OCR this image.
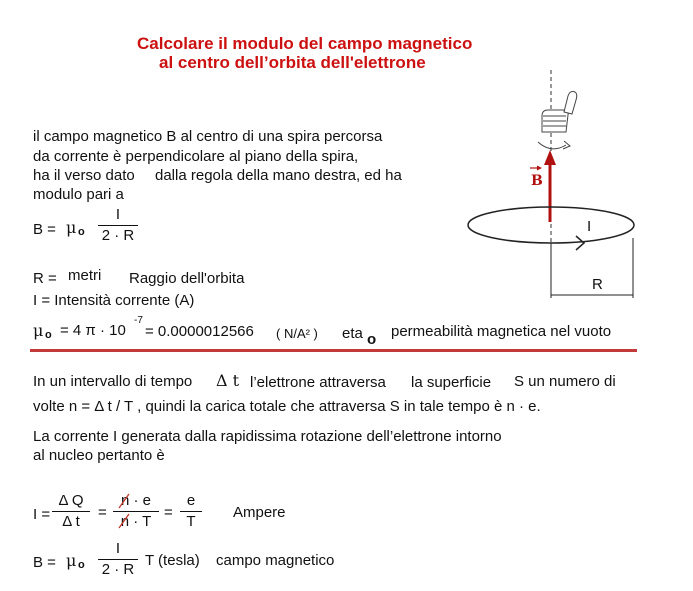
Calcolare il modulo del campo magnetico
al centro dell’orbita dell'elettrone
il campo magnetico B al centro di una spira percorsa
da corrente è perpendicolare al piano della spira,
ha il verso dato dalla regola della mano destra, ed ha
modulo pari a
B = μ o
I
2 · R
R = metri Raggio dell'orbita
I = Intensità corrente (A)
μ o = 4 π · 10
-7
= 0.0000012566 ( N/A² ) eta o permeabilità magnetica nel vuoto
B
I
R
In un intervallo di tempo Δ t l’elettrone attraversa la superficie S un numero di
volte n = Δ t / T , quindi la carica totale che attraversa S in tale tempo è n · e.
La corrente I generata dalla rapidissima rotazione dell’elettrone intorno
al nucleo pertanto è
I =
Δ Q
Δ t
=
n · e
n · T
=
e
T
Ampere
B = μ o
I
2 · R
T (tesla) campo magnetico
